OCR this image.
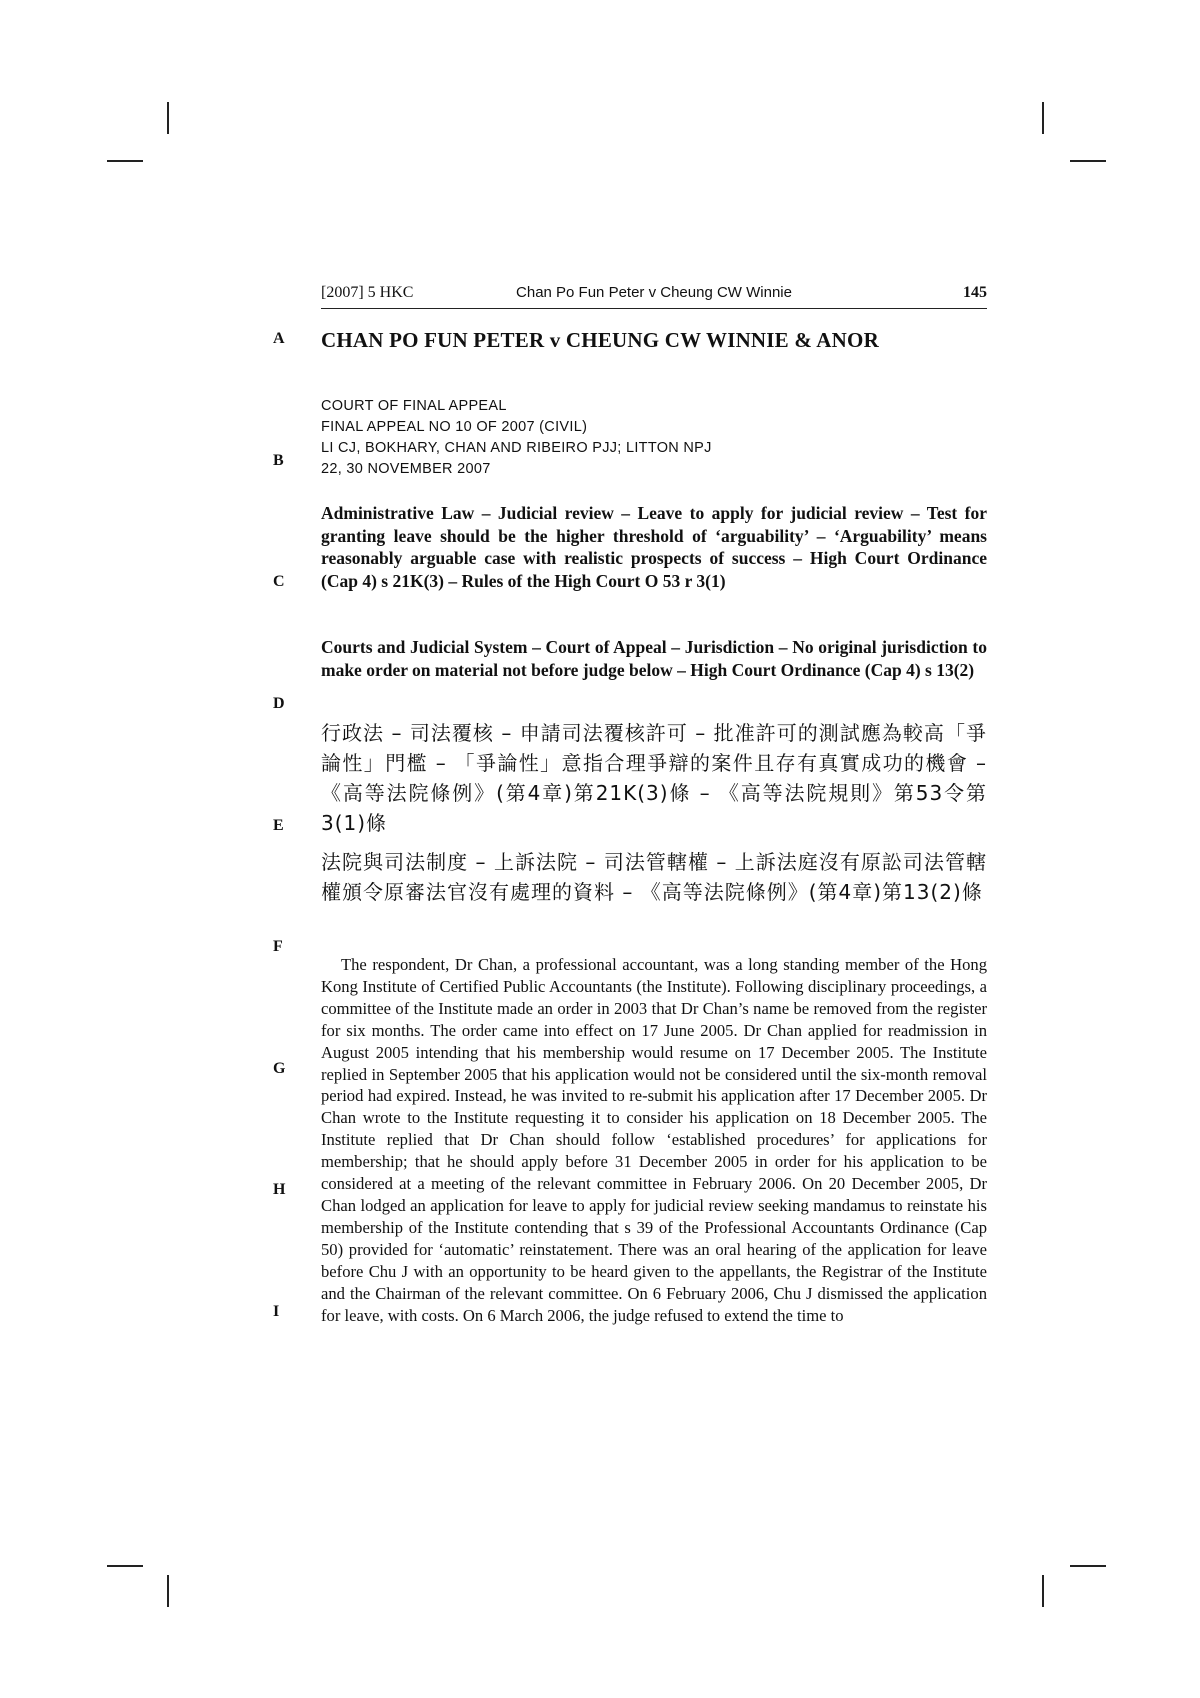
[2007] 5 HKC	Chan Po Fun Peter v Cheung CW Winnie	145
A
B
C
D
E
F
G
H
I
CHAN PO FUN PETER v CHEUNG CW WINNIE & ANOR
COURT OF FINAL APPEAL
FINAL APPEAL NO 10 OF 2007 (CIVIL)
LI CJ, BOKHARY, CHAN AND RIBEIRO PJJ; LITTON NPJ
22, 30 NOVEMBER 2007
Administrative Law – Judicial review – Leave to apply for judicial review – Test for granting leave should be the higher threshold of ‘arguability’ – ‘Arguability’ means reasonably arguable case with realistic prospects of success – High Court Ordinance (Cap 4) s 21K(3) – Rules of the High Court O 53 r 3(1)
Courts and Judicial System – Court of Appeal – Jurisdiction – No original jurisdiction to make order on material not before judge below – High Court Ordinance (Cap 4) s 13(2)
行政法 – 司法覆核 – 申請司法覆核許可 – 批准許可的測試應為較高「爭論性」門檻 – 「爭論性」意指合理爭辯的案件且存有真實成功的機會 – 《高等法院條例》(第4章)第21K(3)條 – 《高等法院規則》第53令第3(1)條
法院與司法制度 – 上訴法院 – 司法管轄權 – 上訴法庭沒有原訟司法管轄權頒令原審法官沒有處理的資料 – 《高等法院條例》(第4章)第13(2)條

The respondent, Dr Chan, a professional accountant, was a long standing member of the Hong Kong Institute of Certified Public Accountants (the Institute). Following disciplinary proceedings, a committee of the Institute made an order in 2003 that Dr Chan’s name be removed from the register for six months. The order came into effect on 17 June 2005. Dr Chan applied for readmission in August 2005 intending that his membership would resume on 17 December 2005. The Institute replied in September 2005 that his application would not be considered until the six-month removal period had expired. Instead, he was invited to re-submit his application after 17 December 2005. Dr Chan wrote to the Institute requesting it to consider his application on 18 December 2005. The Institute replied that Dr Chan should follow ‘established procedures’ for applications for membership; that he should apply before 31 December 2005 in order for his application to be considered at a meeting of the relevant committee in February 2006. On 20 December 2005, Dr Chan lodged an application for leave to apply for judicial review seeking mandamus to reinstate his membership of the Institute contending that s 39 of the Professional Accountants Ordinance (Cap 50) provided for ‘automatic’ reinstatement. There was an oral hearing of the application for leave before Chu J with an opportunity to be heard given to the appellants, the Registrar of the Institute and the Chairman of the relevant committee. On 6 February 2006, Chu J dismissed the application for leave, with costs. On 6 March 2006, the judge refused to extend the time to
